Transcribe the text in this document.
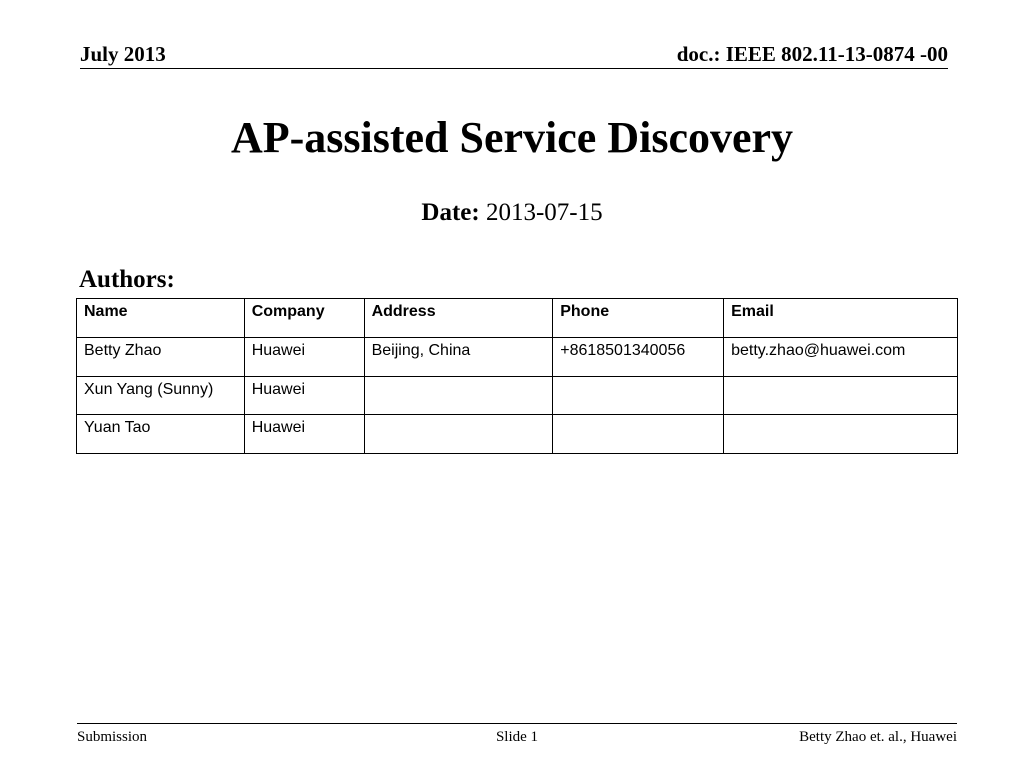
July 2013	doc.: IEEE 802.11-13-0874 -00
AP-assisted Service Discovery
Date: 2013-07-15
Authors:
Name	Company	Address	Phone	Email
Betty Zhao	Huawei	Beijing, China	+8618501340056	betty.zhao@huawei.com
Xun Yang (Sunny)	Huawei			
Yuan Tao	Huawei			
Submission	Slide 1	Betty Zhao et. al., Huawei
